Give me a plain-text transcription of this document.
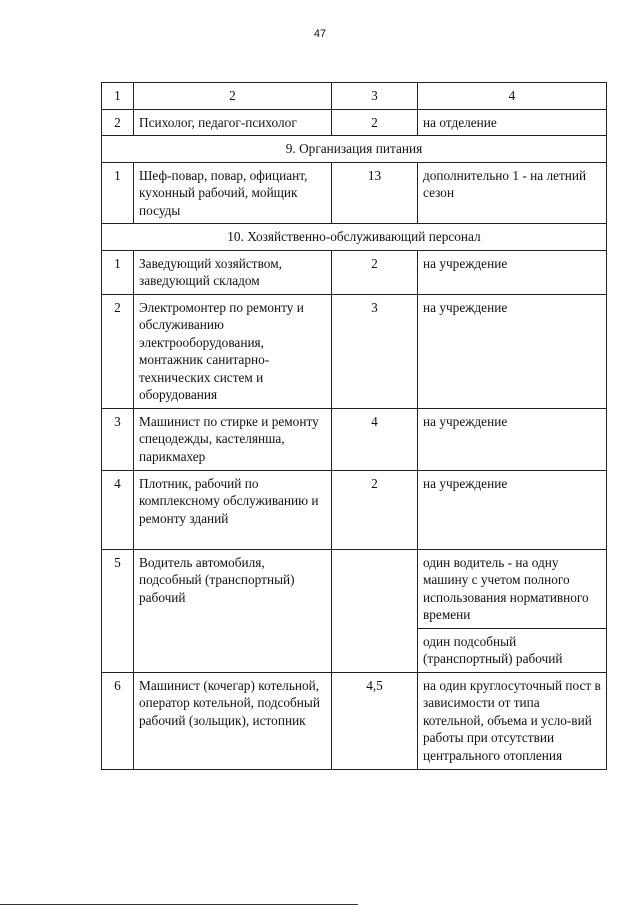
47
1	2	3	4
2	Психолог, педагог-психолог	2	на отделение
9. Организация питания			
1	Шеф-повар, повар, официант, кухонный рабочий, мойщик посуды	13	дополнительно 1 - на летний сезон
10. Хозяйственно-обслуживающий персонал			
1	Заведующий хозяйством, заведующий складом	2	на учреждение
2	Электромонтер по ремонту и обслуживанию электрооборудования, монтажник санитарно-технических систем и оборудования	3	на учреждение
3	Машинист по стирке и ремонту спецодежды, кастелянша, парикмахер	4	на учреждение
4	Плотник, рабочий по комплексному обслуживанию и ремонту зданий	2	на учреждение
5	Водитель автомобиля, подсобный (транспортный) рабочий		один водитель - на одну машину с учетом полного использования нормативного времени
			один подсобный (транспортный) рабочий
6	Машинист (кочегар) котельной, оператор котельной, подсобный рабочий (зольщик), истопник	4,5	на один круглосуточный пост в зависимости от типа котельной, объема и усло-вий работы при отсутствии центрального отопления
